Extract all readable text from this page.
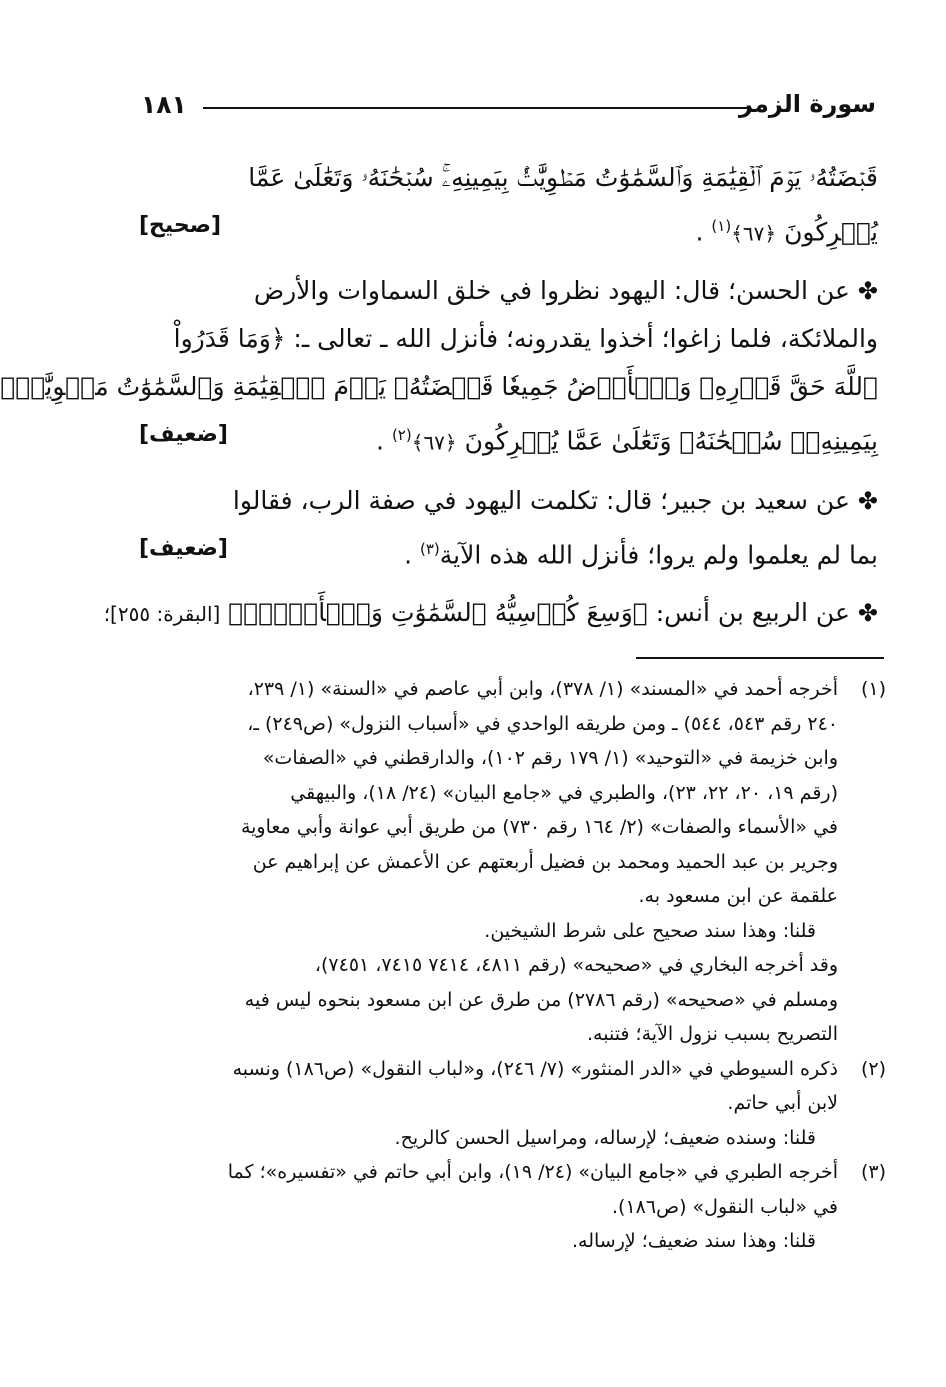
سورة الزمر
١٨١
قَبۡضَتُهُۥ يَوۡمَ ٱلۡقِيَٰمَةِ وَٱلسَّمَٰوَٰتُ مَطۡوِيَّٰتُۢ بِيَمِينِهِۦۚ سُبۡحَٰنَهُۥ وَتَعَٰلَىٰ عَمَّا
يُشۡرِكُونَ ﴿٦٧﴾$^{(١)}$ .
[صحيح]
✤عن الحسن؛ قال: اليهود نظروا في خلق السماوات والأرض
والملائكة، فلما زاغوا؛ أخذوا يقدرونه؛ فأنزل الله ـ تعالى ـ: ﴿وَمَا قَدَرُواْ
ٱللَّهَ حَقَّ قَدۡرِهِۦ وَٱلۡأَرۡضُ جَمِيعٗا قَبۡضَتُهُۥ يَوۡمَ ٱلۡقِيَٰمَةِ وَٱلسَّمَٰوَٰتُ مَطۡوِيَّٰتُۢ
بِيَمِينِهِۦۚ سُبۡحَٰنَهُۥ وَتَعَٰلَىٰ عَمَّا يُشۡرِكُونَ ﴿٦٧﴾$^{(٢)}$ .
[ضعيف]
✤عن سعيد بن جبير؛ قال: تكلمت اليهود في صفة الرب، فقالوا
بما لم يعلموا ولم يروا؛ فأنزل الله هذه الآية$^{(٣)}$ .
[ضعيف]
✤عن الربيع بن أنس: ﴿وَسِعَ كُرۡسِيُّهُ ٱلسَّمَٰوَٰتِ وَٱلۡأَرۡضَۖ﴾ [البقرة: ٢٥٥]؛
(١)

أخرجه أحمد في «المسند» (١/ ٣٧٨)، وابن أبي عاصم في «السنة» (١/ ٢٣٩،

٢٤٠ رقم ٥٤٣، ٥٤٤) ـ ومن طريقه الواحدي في «أسباب النزول» (ص٢٤٩) ـ،

وابن خزيمة في «التوحيد» (١/ ١٧٩ رقم ١٠٢)، والدارقطني في «الصفات»

(رقم ١٩، ٢٠، ٢٢، ٢٣)، والطبري في «جامع البيان» (٢٤/ ١٨)، والبيهقي

في «الأسماء والصفات» (٢/ ١٦٤ رقم ٧٣٠) من طريق أبي عوانة وأبي معاوية

وجرير بن عبد الحميد ومحمد بن فضيل أربعتهم عن الأعمش عن إبراهيم عن

علقمة عن ابن مسعود به.

قلنا: وهذا سند صحيح على شرط الشيخين.

وقد أخرجه البخاري في «صحيحه» (رقم ٤٨١١، ٧٤١٤ ٧٤١٥، ٧٤٥١)،

ومسلم في «صحيحه» (رقم ٢٧٨٦) من طرق عن ابن مسعود بنحوه ليس فيه

التصريح بسبب نزول الآية؛ فتنبه.

(٢)

ذكره السيوطي في «الدر المنثور» (٧/ ٢٤٦)، و«لباب النقول» (ص١٨٦) ونسبه

لابن أبي حاتم.

قلنا: وسنده ضعيف؛ لإرساله، ومراسيل الحسن كالريح.

(٣)

أخرجه الطبري في «جامع البيان» (٢٤/ ١٩)، وابن أبي حاتم في «تفسيره»؛ كما

في «لباب النقول» (ص١٨٦).

قلنا: وهذا سند ضعيف؛ لإرساله.
